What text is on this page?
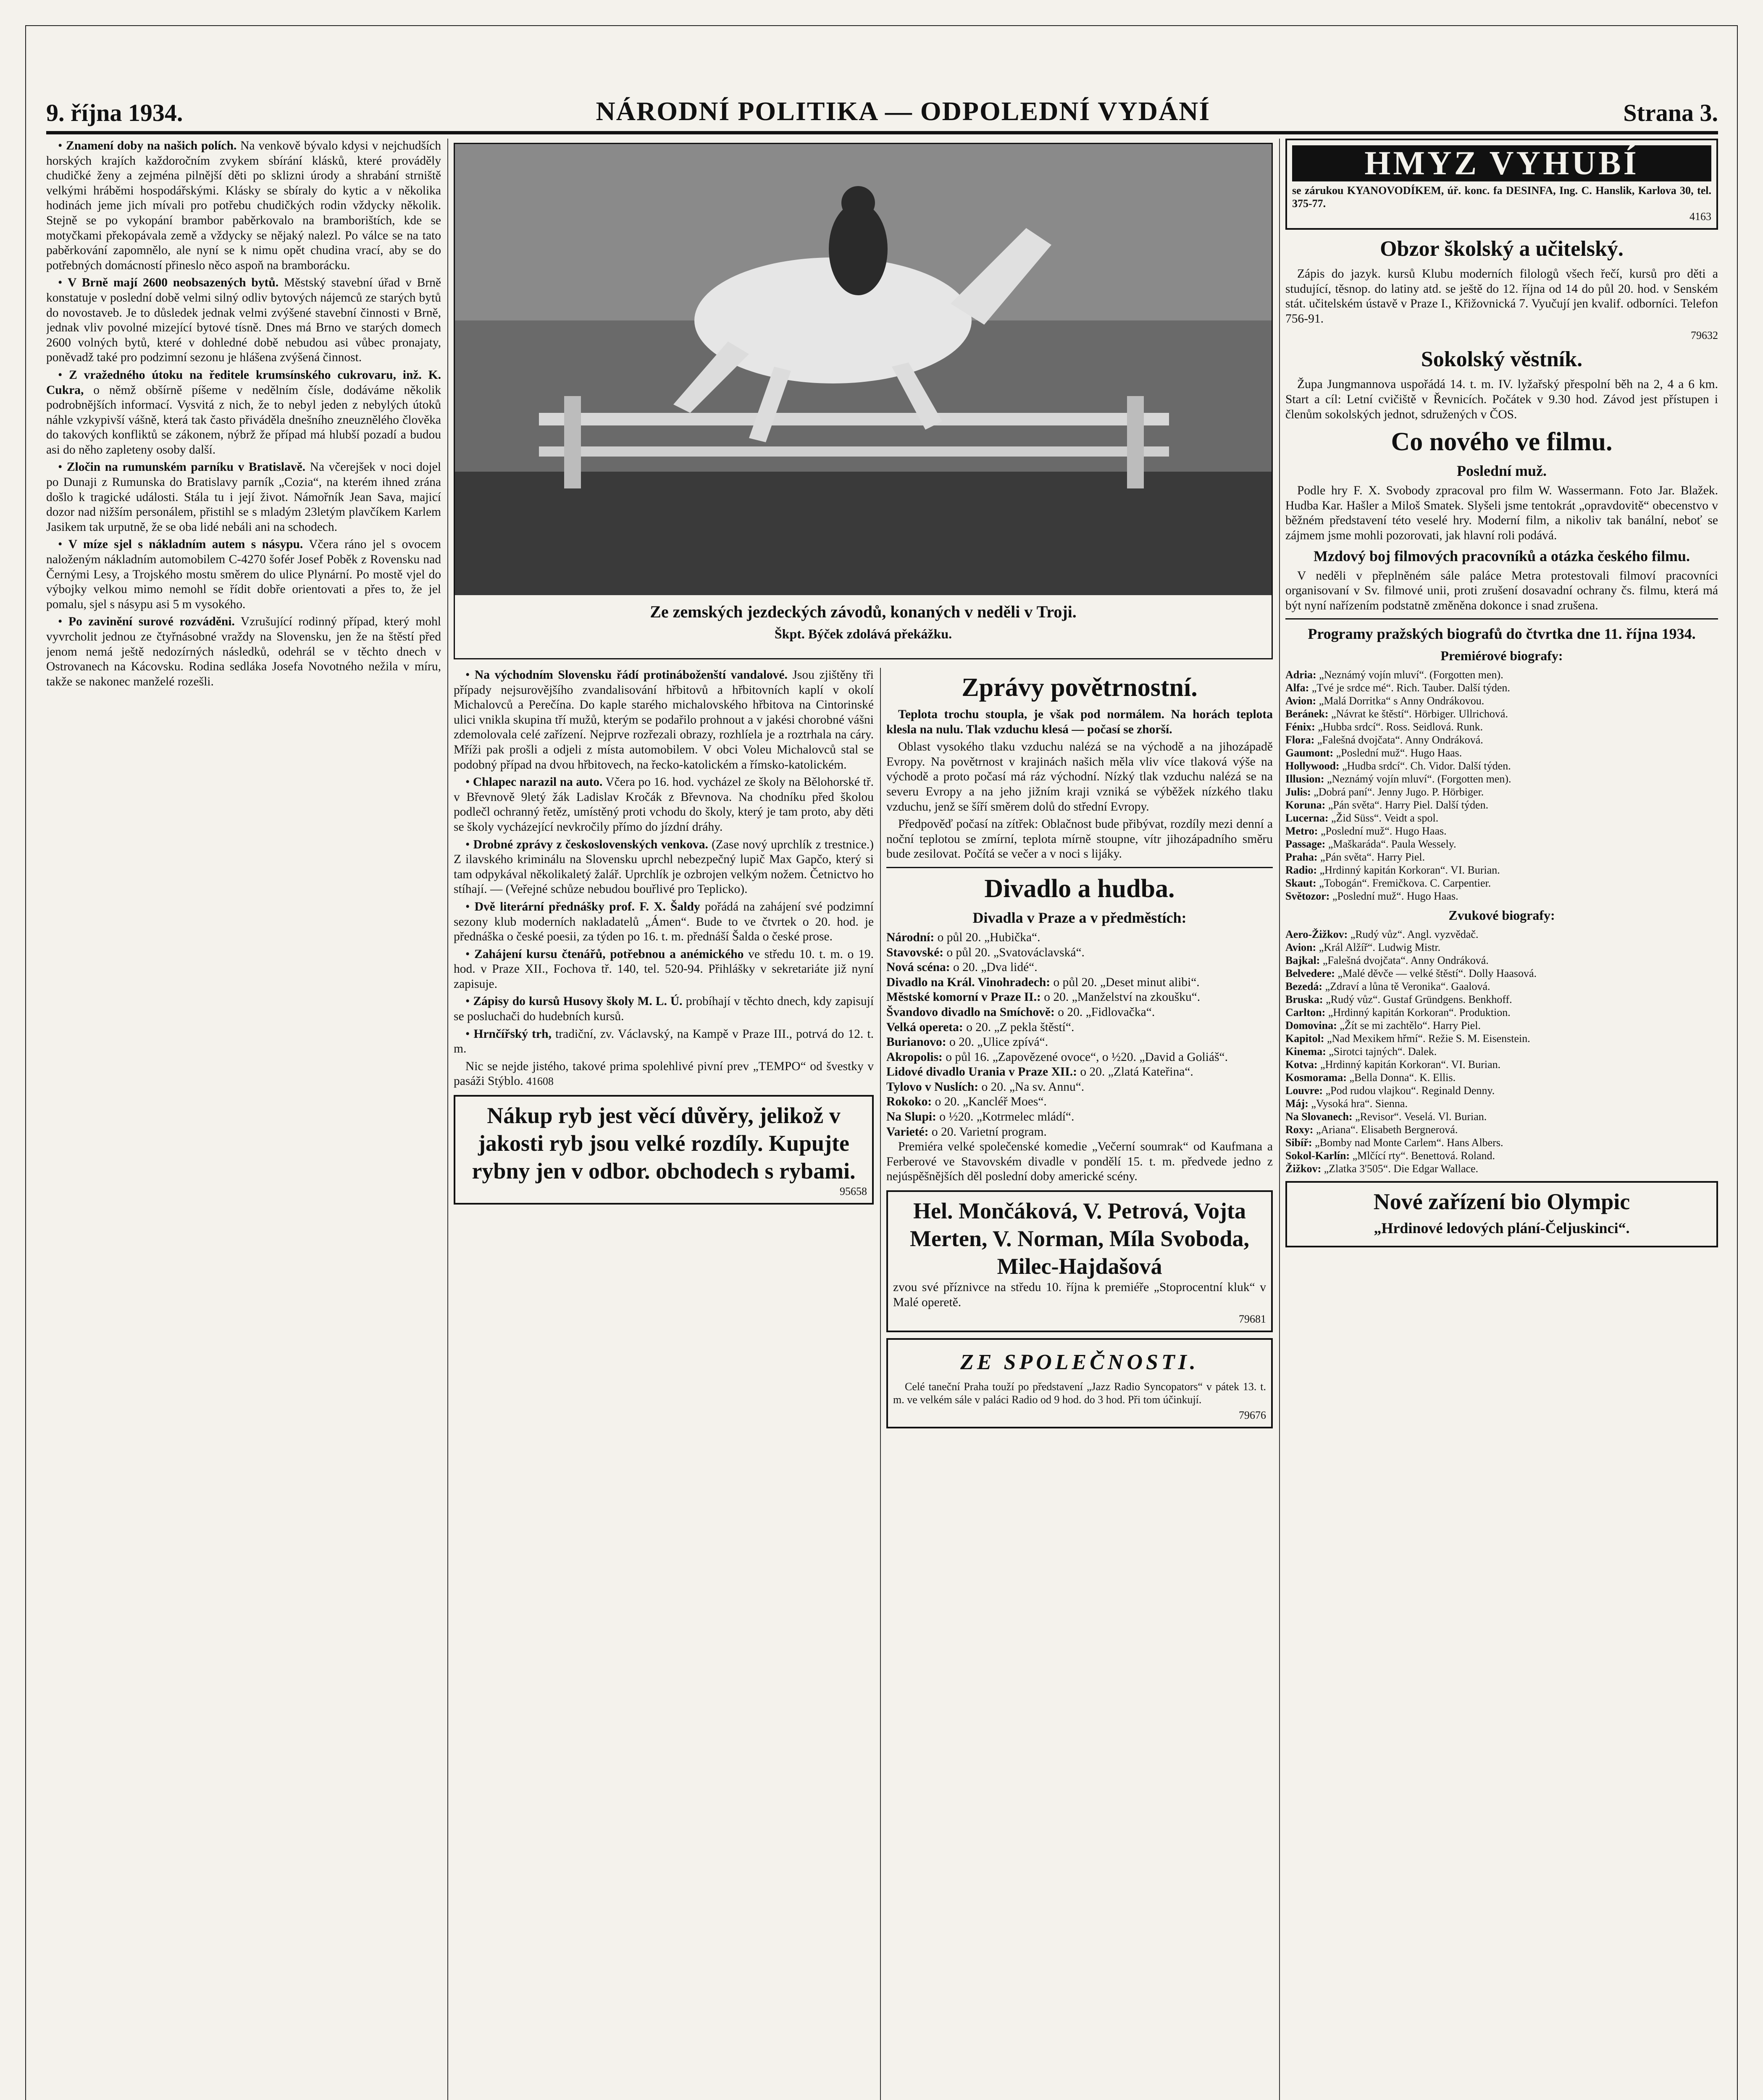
9. října 1934.	NÁRODNÍ POLITIKA — ODPOLEDNÍ VYDÁNÍ	Strana 3.

• Znamení doby na našich polích. Na venkově bývalo kdysi v nejchudších horských krajích každoročním zvykem sbírání klásků, které prováděly chudičké ženy a zejména pilnější děti po sklizni úrody a shrabání strniště velkými hráběmi hospodářskými. Klásky se sbíraly do kytic a v několika hodinách jeme jich mívali pro potřebu chudičkých rodin vždycky několik. Stejně se po vykopání brambor paběrkovalo na bramborištích, kde se motyčkami překopávala země a vždycky se nějaký nalezl. Po válce se na tato paběrkování zapomnělo, ale nyní se k nimu opět chudina vrací, aby se do potřebných domácností přineslo něco aspoň na bramborácku.

• V Brně mají 2600 neobsazených bytů. Městský stavební úřad v Brně konstatuje v poslední době velmi silný odliv bytových nájemců ze starých bytů do novostaveb. Je to důsledek jednak velmi zvýšené stavební činnosti v Brně, jednak vliv povolné mizející bytové tísně. Dnes má Brno ve starých domech 2600 volných bytů, které v dohledné době nebudou asi vůbec pronajaty, poněvadž také pro podzimní sezonu je hlášena zvýšená činnost.

• Z vražedného útoku na ředitele krumsínského cukrovaru, inž. K. Cukra, o němž obšírně píšeme v nedělním čísle, dodáváme několik podrobnějších informací. Vysvitá z nich, že to nebyl jeden z nebylých útoků náhle vzkypivší vášně, která tak často přiváděla dnešního zneuznělého člověka do takových konfliktů se zákonem, nýbrž že případ má hlubší pozadí a budou asi do něho zapleteny osoby další.

• Zločin na rumunském parníku v Bratislavě. Na včerejšek v noci dojel po Dunaji z Rumunska do Bratislavy parník „Cozia“, na kterém ihned zrána došlo k tragické události. Stála tu i její život. Námořník Jean Sava, majicí dozor nad nižším personálem, přistihl se s mladým 23letým plavčíkem Karlem Jasikem tak urputně, že se oba lidé nebáli ani na schodech.

• V míze sjel s nákladním autem s násypu. Včera ráno jel s ovocem naloženým nákladním automobilem C-4270 šofér Josef Poběk z Rovensku nad Černými Lesy, a Trojského mostu směrem do ulice Plynární. Po mostě vjel do výbojky velkou mimo nemohl se řídit dobře orientovati a přes to, že jel pomalu, sjel s násypu asi 5 m vysokého.

• Po zavinění surové rozváděni. Vzrušující rodinný případ, který mohl vyvrcholit jednou ze čtyřnásobné vraždy na Slovensku, jen že na štěstí před jenom nemá ještě nedozírných následků, odehrál se v těchto dnech v Ostrovanech na Kácovsku. Rodina sedláka Josefa Novotného nežila v míru, takže se nakonec manželé rozešli.

Ze zemských jezdeckých závodů, konaných v neděli v Troji.
Škpt. Býček zdolává překážku.

• Na východním Slovensku řádí protináboženští vandalové. Jsou zjištěny tři případy nejsurovějšího zvandalisování hřbitovů a hřbitovních kaplí v okolí Michalovců a Perečína. Do kaple starého michalovského hřbitova na Cintorinské ulici vnikla skupina tří mužů, kterým se podařilo prohnout a v jakési chorobné vášni zdemolovala celé zařízení. Nejprve rozřezali obrazy, rozhlíela je a roztrhala na cáry. Mříži pak prošli a odjeli z místa automobilem. V obci Voleu Michalovců stal se podobný případ na dvou hřbitovech, na řecko-katolickém a římsko-katolickém.

• Chlapec narazil na auto. Včera po 16. hod. vycházel ze školy na Bělohorské tř. v Břevnově 9letý žák Ladislav Kročák z Břevnova. Na chodníku před školou podlečl ochranný řetěz, umístěný proti vchodu do školy, který je tam proto, aby děti se školy vycházející nevkročily přímo do jízdní dráhy.

• Drobné zprávy z československých venkova. (Zase nový uprchlík z trestnice.) Z ilavského kriminálu na Slovensku uprchl nebezpečný lupič Max Gapčo, který si tam odpykával několikaletý žalář. Uprchlík je ozbrojen velkým nožem. Četnictvo ho stíhají. — (Veřejné schůze nebudou bouřlivé pro Teplicko).

• Dvě literární přednášky prof. F. X. Šaldy pořádá na zahájení své podzimní sezony klub moderních nakladatelů „Ámen“. Bude to ve čtvrtek o 20. hod. je přednáška o české poesii, za týden po 16. t. m. přednáší Šalda o české prose.

• Zahájení kursu čtenářů, potřebnou a anémického ve středu 10. t. m. o 19. hod. v Praze XII., Fochova tř. 140, tel. 520-94. Přihlášky v sekretariáte již nyní zapisuje.

• Zápisy do kursů Husovy školy M. L. Ú. probíhají v těchto dnech, kdy zapisují se posluchači do hudebních kursů.

• Hrnčířský trh, tradiční, zv. Václavský, na Kampě v Praze III., potrvá do 12. t. m.

Nic se nejde jistého, takové prima spolehlivé pivní prev „TEMPO“ od švestky v pasáži Stýblo. 41608

Nákup ryb jest věcí důvěry, jelikož v jakosti ryb jsou velké rozdíly. Kupujte rybny jen v odbor. obchodech s rybami.
95658
Zprávy povětrnostní.

Teplota trochu stoupla, je však pod normálem. Na horách teplota klesla na nulu. Tlak vzduchu klesá — počasí se zhorší.

Oblast vysokého tlaku vzduchu nalézá se na východě a na jihozápadě Evropy. Na povětrnost v krajinách našich měla vliv více tlaková výše na východě a proto počasí má ráz východní. Nízký tlak vzduchu nalézá se na severu Evropy a na jeho jižním kraji vzniká se výběžek nízkého tlaku vzduchu, jenž se šíří směrem dolů do střední Evropy.

Předpověď počasí na zítřek: Oblačnost bude přibývat, rozdíly mezi denní a noční teplotou se zmírní, teplota mírně stoupne, vítr jihozápadního směru bude zesilovat. Počítá se večer a v noci s lijáky.

Divadlo a hudba.
Divadla v Praze a v předměstích:

Národní: o půl 20. „Hubička“.

Stavovské: o půl 20. „Svatováclavská“.

Nová scéna: o 20. „Dva lidé“.

Divadlo na Král. Vinohradech: o půl 20. „Deset minut alibi“.

Městské komorní v Praze II.: o 20. „Manželství na zkoušku“.

Švandovo divadlo na Smíchově: o 20. „Fidlovačka“.

Velká opereta: o 20. „Z pekla štěstí“.

Burianovo: o 20. „Ulice zpívá“.

Akropolis: o půl 16. „Zapovězené ovoce“, o ½20. „David a Goliáš“.

Lidové divadlo Urania v Praze XII.: o 20. „Zlatá Kateřina“.

Tylovo v Nuslích: o 20. „Na sv. Annu“.

Rokoko: o 20. „Kancléř Moes“.

Na Slupi: o ½20. „Kotrmelec mládí“.

Varieté: o 20. Varietní program.

Premiéra velké společenské komedie „Večerní soumrak“ od Kaufmana a Ferberové ve Stavovském divadle v pondělí 15. t. m. předvede jedno z nejúspěšnějších děl poslední doby americké scény.

Hel. Mončáková, V. Petrová, Vojta Merten, V. Norman, Míla Svoboda, Milec-Hajdašová

zvou své příznivce na středu 10. října k premiéře „Stoprocentní kluk“ v Malé operetě.

79681
ZE SPOLEČNOSTI.

Celé taneční Praha touží po představení „Jazz Radio Syncopators“ v pátek 13. t. m. ve velkém sále v paláci Radio od 9 hod. do 3 hod. Při tom účinkují.

79676
HMYZ VYHUBÍ
se zárukou KYANOVODÍKEM, úř. konc. fa DESINFA, Ing. C. Hanslik, Karlova 30, tel. 375-77.
4163
Obzor školský a učitelský.

Zápis do jazyk. kursů Klubu moderních filologů všech řečí, kursů pro děti a studující, těsnop. do latiny atd. se ještě do 12. října od 14 do půl 20. hod. v Senském stát. učitelském ústavě v Praze I., Křižovnická 7. Vyučují jen kvalif. odborníci. Telefon 756-91.

79632
Sokolský věstník.

Župa Jungmannova uspořádá 14. t. m. IV. lyžařský přespolní běh na 2, 4 a 6 km. Start a cíl: Letní cvičiště v Řevnicích. Počátek v 9.30 hod. Závod jest přístupen i členům sokolských jednot, sdružených v ČOS.

Co nového ve filmu.
Poslední muž.

Podle hry F. X. Svobody zpracoval pro film W. Wassermann. Foto Jar. Blažek. Hudba Kar. Hašler a Miloš Smatek. Slyšeli jsme tentokrát „opravdovitě“ obecenstvo v běžném představení této veselé hry. Moderní film, a nikoliv tak banální, neboť se zájmem jsme mohli pozorovati, jak hlavní roli podává.

Mzdový boj filmových pracovníků a otázka českého filmu.

V neděli v přeplněném sále paláce Metra protestovali filmoví pracovníci organisovaní v Sv. filmové unii, proti zrušení dosavadní ochrany čs. filmu, která má být nyní nařízením podstatně změněna dokonce i snad zrušena.

Programy pražských biografů do čtvrtka dne 11. října 1934.
Premiérové biografy:

Adria: „Neznámý vojín mluví“. (Forgotten men).

Alfa: „Tvé je srdce mé“. Rich. Tauber. Další týden.

Avion: „Malá Dorritka“ s Anny Ondrákovou.

Beránek: „Návrat ke štěstí“. Hörbiger. Ullrichová.

Fénix: „Hubba srdcí“. Ross. Seidlová. Runk.

Flora: „Falešná dvojčata“. Anny Ondráková.

Gaumont: „Poslední muž“. Hugo Haas.

Hollywood: „Hudba srdcí“. Ch. Vidor. Další týden.

Illusion: „Neznámý vojín mluví“. (Forgotten men).

Julis: „Dobrá paní“. Jenny Jugo. P. Hörbiger.

Koruna: „Pán světa“. Harry Piel. Další týden.

Lucerna: „Žid Süss“. Veidt a spol.

Metro: „Poslední muž“. Hugo Haas.

Passage: „Maškaráda“. Paula Wessely.

Praha: „Pán světa“. Harry Piel.

Radio: „Hrdinný kapitán Korkoran“. VI. Burian.

Skaut: „Tobogán“. Fremičkova. C. Carpentier.

Světozor: „Poslední muž“. Hugo Haas.

Zvukové biografy:

Aero-Žižkov: „Rudý vůz“. Angl. vyzvědač.

Avion: „Král Alžíř“. Ludwig Mistr.

Bajkal: „Falešná dvojčata“. Anny Ondráková.

Belvedere: „Malé děvče — velké štěstí“. Dolly Haasová.

Bezedá: „Zdraví a lůna tě Veronika“. Gaalová.

Bruska: „Rudý vůz“. Gustaf Gründgens. Benkhoff.

Carlton: „Hrdinný kapitán Korkoran“. Produktion.

Domovina: „Žít se mi zachtělo“. Harry Piel.

Kapitol: „Nad Mexikem hřmí“. Režie S. M. Eisenstein.

Kinema: „Sirotci tajných“. Dalek.

Kotva: „Hrdinný kapitán Korkoran“. VI. Burian.

Kosmorama: „Bella Donna“. K. Ellis.

Louvre: „Pod rudou vlajkou“. Reginald Denny.

Máj: „Vysoká hra“. Sienna.

Na Slovanech: „Revisor“. Veselá. Vl. Burian.

Roxy: „Ariana“. Elisabeth Bergnerová.

Sibíř: „Bomby nad Monte Carlem“. Hans Albers.

Sokol-Karlín: „Mlčící rty“. Benettová. Roland.

Žižkov: „Zlatka 3'505“. Die Edgar Wallace.

Nové zařízení bio Olympic
„Hrdinové ledových plání-Čeljuskinci“.
